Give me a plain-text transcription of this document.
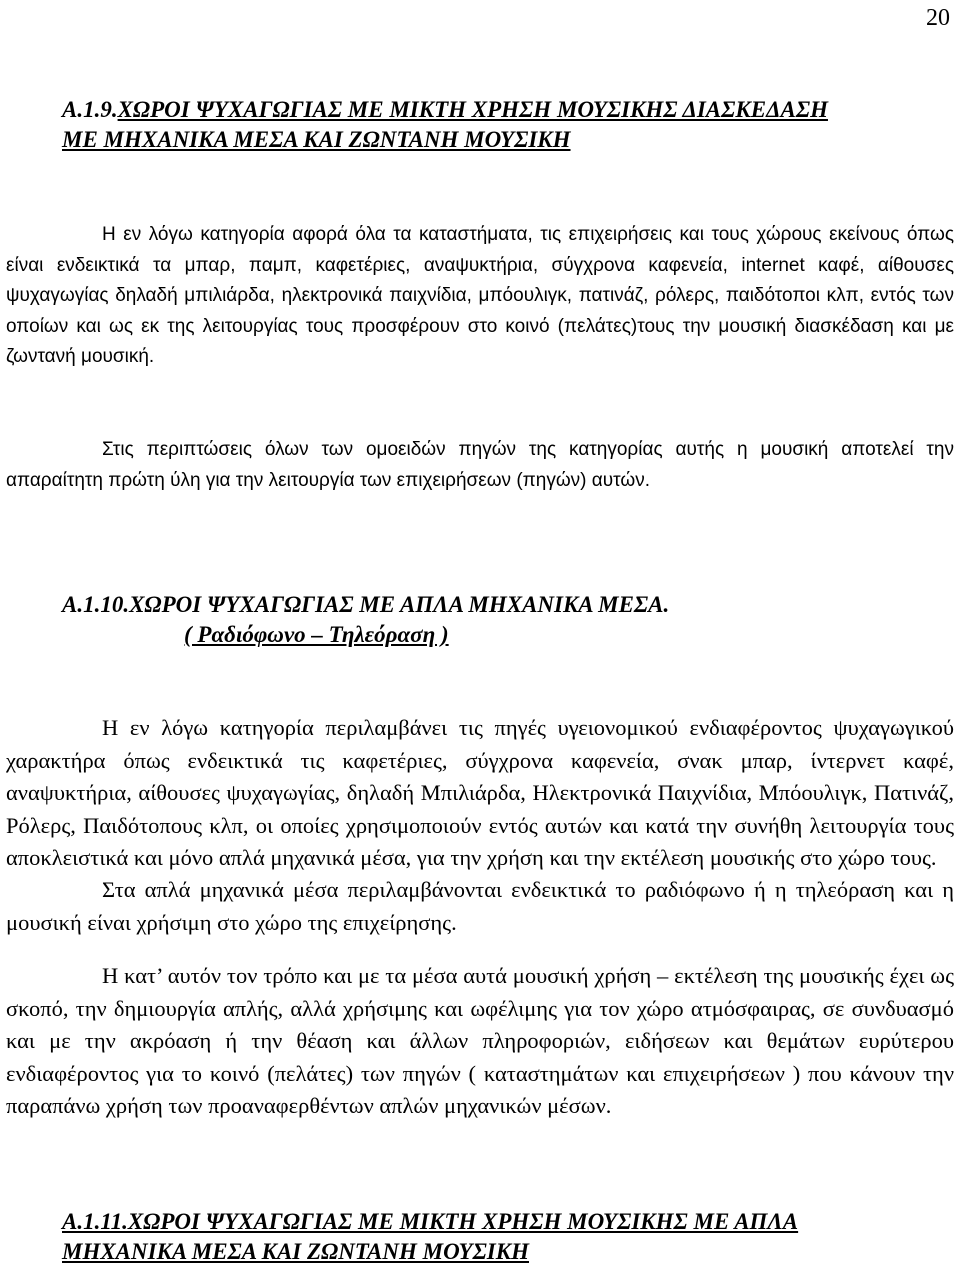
20
Α.1.9.ΧΩΡΟΙ ΨΥΧΑΓΩΓΙΑΣ ΜΕ ΜΙΚΤΗ ΧΡΗΣΗ ΜΟΥΣΙΚΗΣ ΔΙΑΣΚΕΔΑΣΗ
ΜΕ ΜΗΧΑΝΙΚΑ ΜΕΣΑ ΚΑΙ ΖΩΝΤΑΝΗ ΜΟΥΣΙΚΗ

Η εν λόγω κατηγορία αφορά όλα τα καταστήματα, τις επιχειρήσεις και τους χώρους εκείνους όπως είναι ενδεικτικά τα μπαρ, παμπ, καφετέριες, αναψυκτήρια, σύγχρονα καφενεία, internet καφέ, αίθουσες ψυχαγωγίας δηλαδή μπιλιάρδα, ηλεκτρονικά παιχνίδια, μπόουλιγκ, πατινάζ, ρόλερς, παιδότοποι κλπ, εντός των οποίων και ως εκ της λειτουργίας τους προσφέρουν στο κοινό (πελάτες)τους την μουσική διασκέδαση και με ζωντανή μουσική.

Στις περιπτώσεις όλων των ομοειδών πηγών της κατηγορίας αυτής η μουσική αποτελεί την απαραίτητη πρώτη ύλη για την λειτουργία των επιχειρήσεων (πηγών) αυτών.

Α.1.10.ΧΩΡΟΙ ΨΥΧΑΓΩΓΙΑΣ ΜΕ ΑΠΛΑ ΜΗΧΑΝΙΚΑ ΜΕΣΑ.
( Ραδιόφωνο – Τηλεόραση )

Η εν λόγω κατηγορία περιλαμβάνει τις πηγές υγειονομικού ενδιαφέροντος ψυχαγωγικού χαρακτήρα όπως ενδεικτικά τις καφετέριες, σύγχρονα καφενεία, σνακ μπαρ, ίντερνετ καφέ, αναψυκτήρια, αίθουσες ψυχαγωγίας, δηλαδή Μπιλιάρδα, Ηλεκτρονικά Παιχνίδια, Μπόουλιγκ, Πατινάζ, Ρόλερς, Παιδότοπους κλπ, οι οποίες χρησιμοποιούν εντός αυτών και κατά την συνήθη λειτουργία τους αποκλειστικά και μόνο απλά μηχανικά μέσα, για την χρήση και την εκτέλεση μουσικής στο χώρο τους.

Στα απλά μηχανικά μέσα περιλαμβάνονται ενδεικτικά το ραδιόφωνο ή η τηλεόραση και η μουσική είναι χρήσιμη στο χώρο της επιχείρησης.

Η κατ’ αυτόν τον τρόπο και με τα μέσα αυτά μουσική χρήση – εκτέλεση της μουσικής έχει ως σκοπό, την δημιουργία απλής, αλλά χρήσιμης και ωφέλιμης για τον χώρο ατμόσφαιρας, σε συνδυασμό και με την ακρόαση ή την θέαση και άλλων πληροφοριών, ειδήσεων και θεμάτων ευρύτερου ενδιαφέροντος για το κοινό (πελάτες) των πηγών ( καταστημάτων και επιχειρήσεων ) που κάνουν την παραπάνω χρήση των προαναφερθέντων απλών μηχανικών μέσων.

Α.1.11.ΧΩΡΟΙ ΨΥΧΑΓΩΓΙΑΣ ΜΕ ΜΙΚΤΗ ΧΡΗΣΗ ΜΟΥΣΙΚΗΣ ΜΕ ΑΠΛΑ
ΜΗΧΑΝΙΚΑ ΜΕΣΑ ΚΑΙ ΖΩΝΤΑΝΗ ΜΟΥΣΙΚΗ
